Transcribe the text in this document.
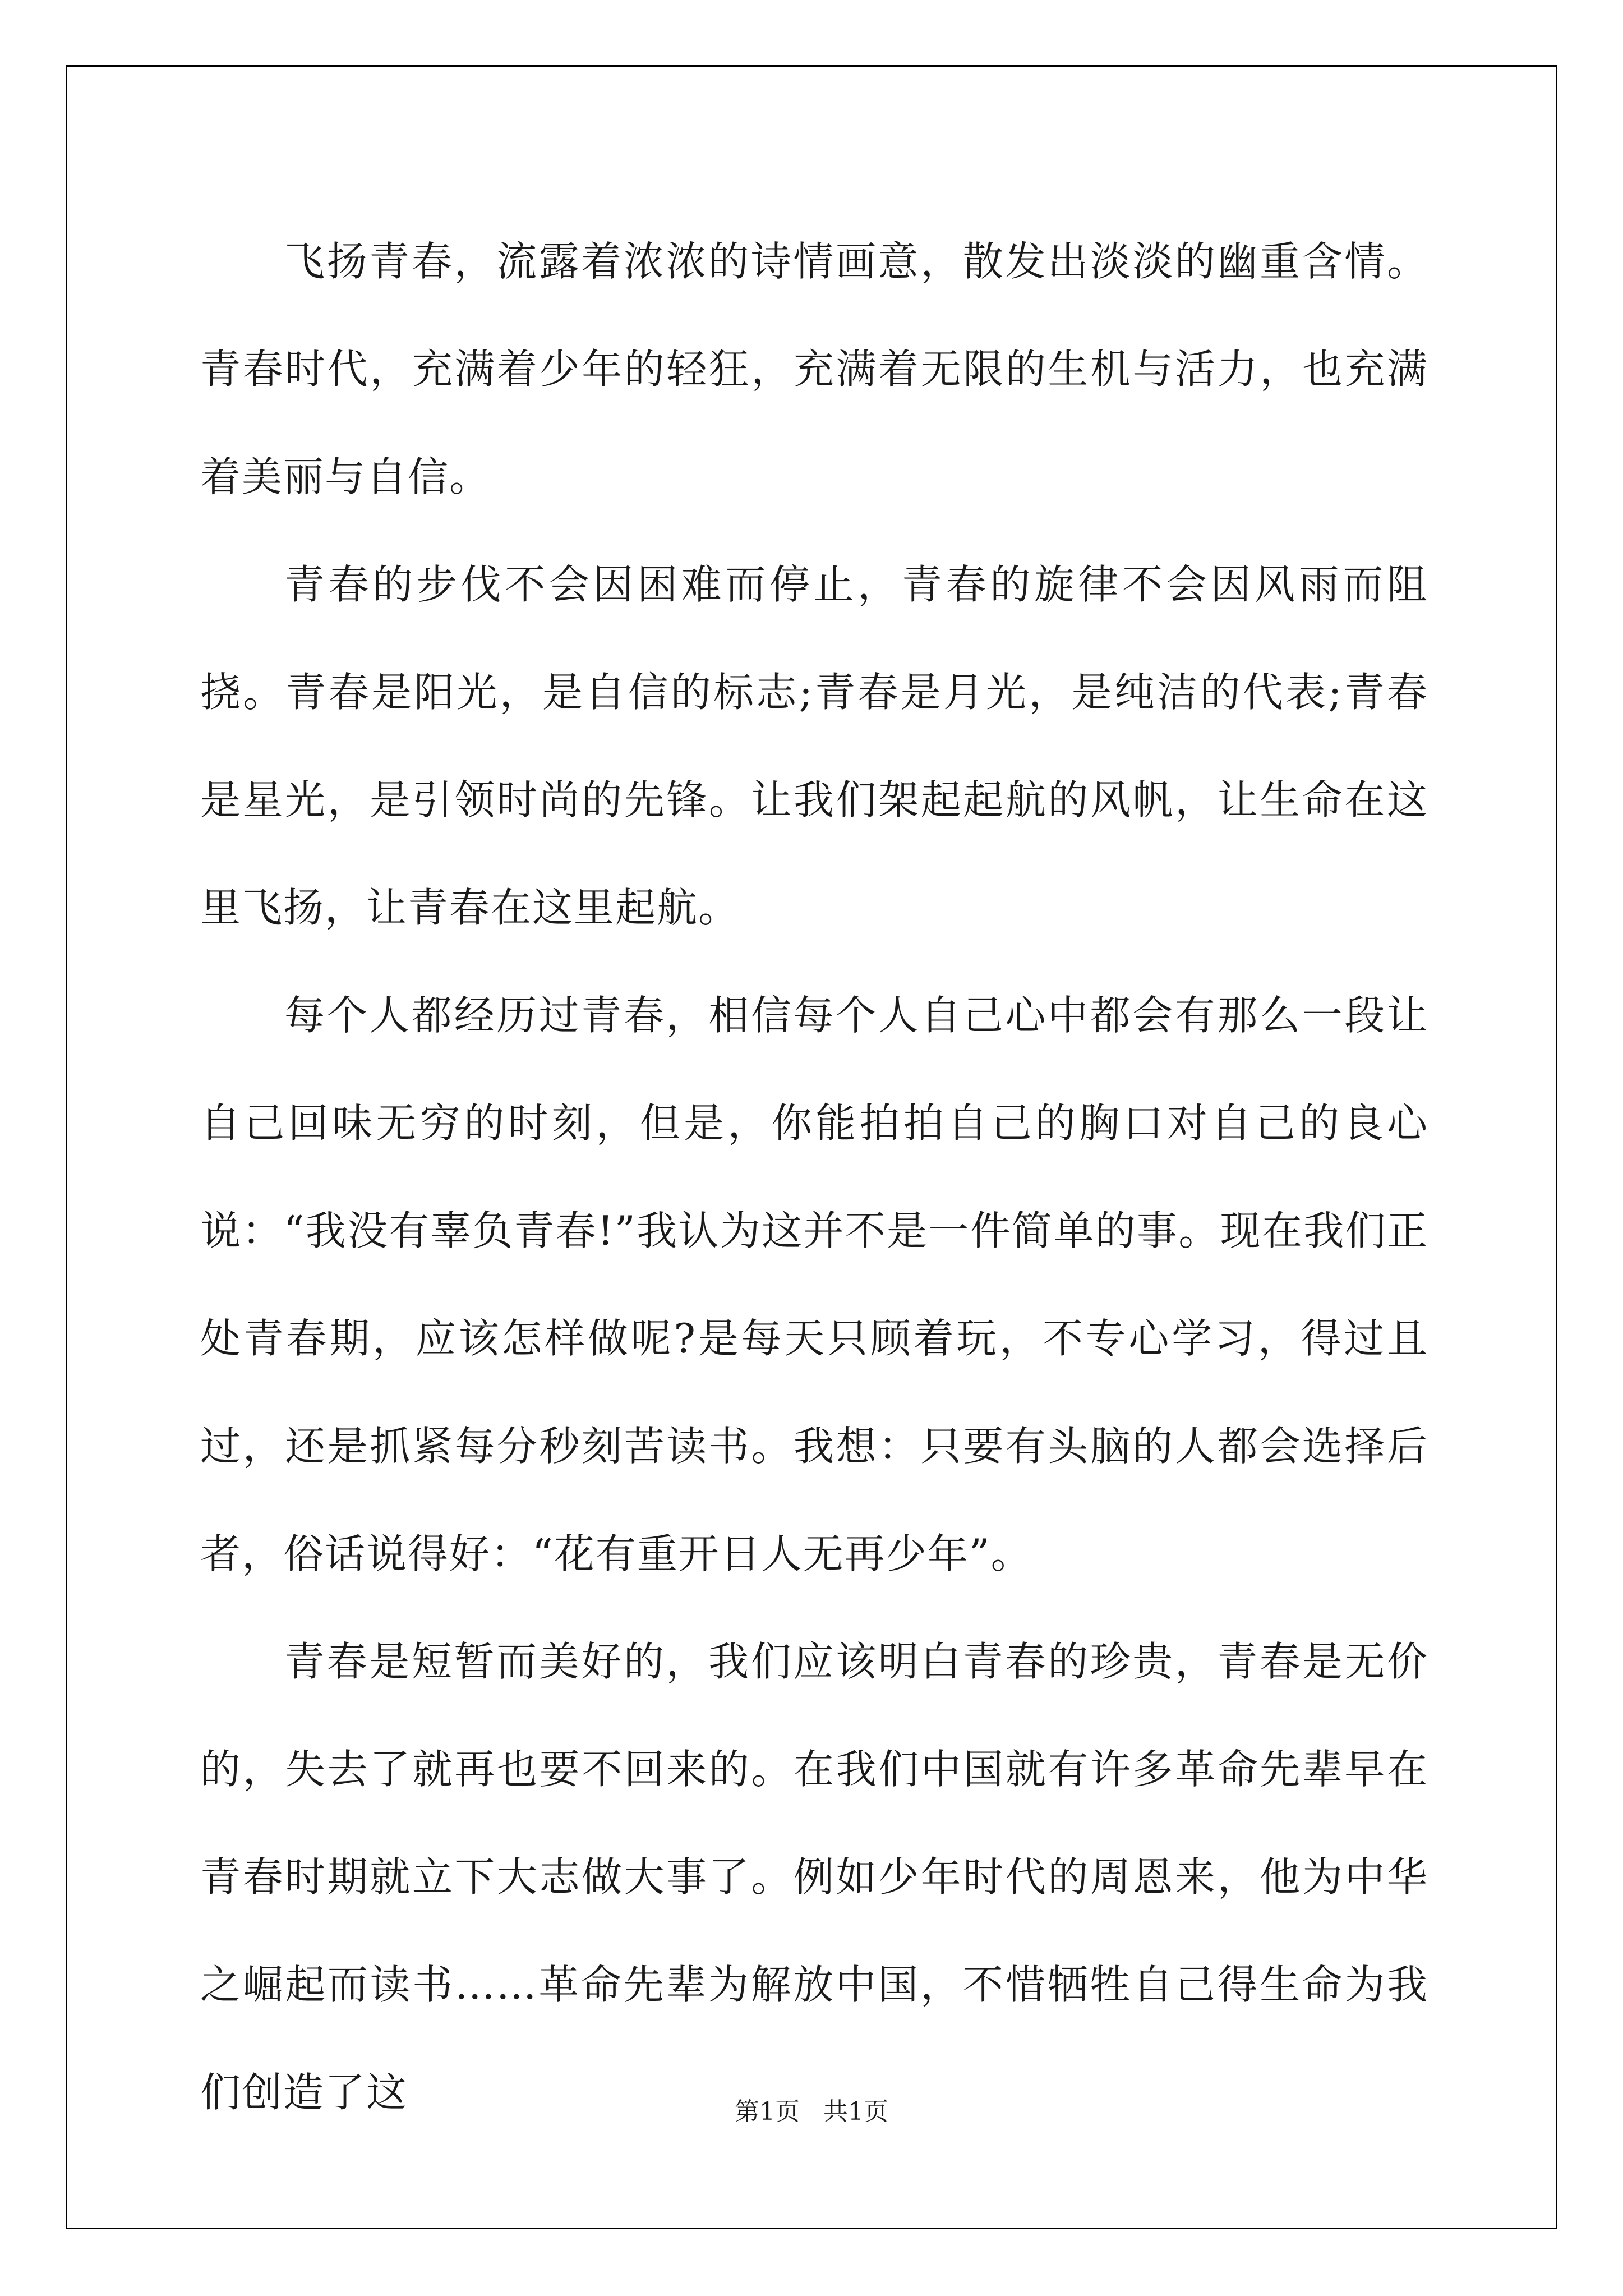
飞扬青春，流露着浓浓的诗情画意，散发出淡淡的幽重含情。青春时代，充满着少年的轻狂，充满着无限的生机与活力，也充满着美丽与自信。

青春的步伐不会因困难而停止，青春的旋律不会因风雨而阻挠。青春是阳光，是自信的标志;青春是月光，是纯洁的代表;青春是星光，是引领时尚的先锋。让我们架起起航的风帆，让生命在这里飞扬，让青春在这里起航。

每个人都经历过青春，相信每个人自己心中都会有那么一段让自己回味无穷的时刻，但是，你能拍拍自己的胸口对自己的良心说：“我没有辜负青春!”我认为这并不是一件简单的事。现在我们正处青春期，应该怎样做呢?是每天只顾着玩，不专心学习，得过且过，还是抓紧每分秒刻苦读书。我想：只要有头脑的人都会选择后者，俗话说得好：“花有重开日人无再少年”。

青春是短暂而美好的，我们应该明白青春的珍贵，青春是无价的，失去了就再也要不回来的。在我们中国就有许多革命先辈早在青春时期就立下大志做大事了。例如少年时代的周恩来，他为中华之崛起而读书……革命先辈为解放中国，不惜牺牲自己得生命为我们创造了这	第1页   共1页
